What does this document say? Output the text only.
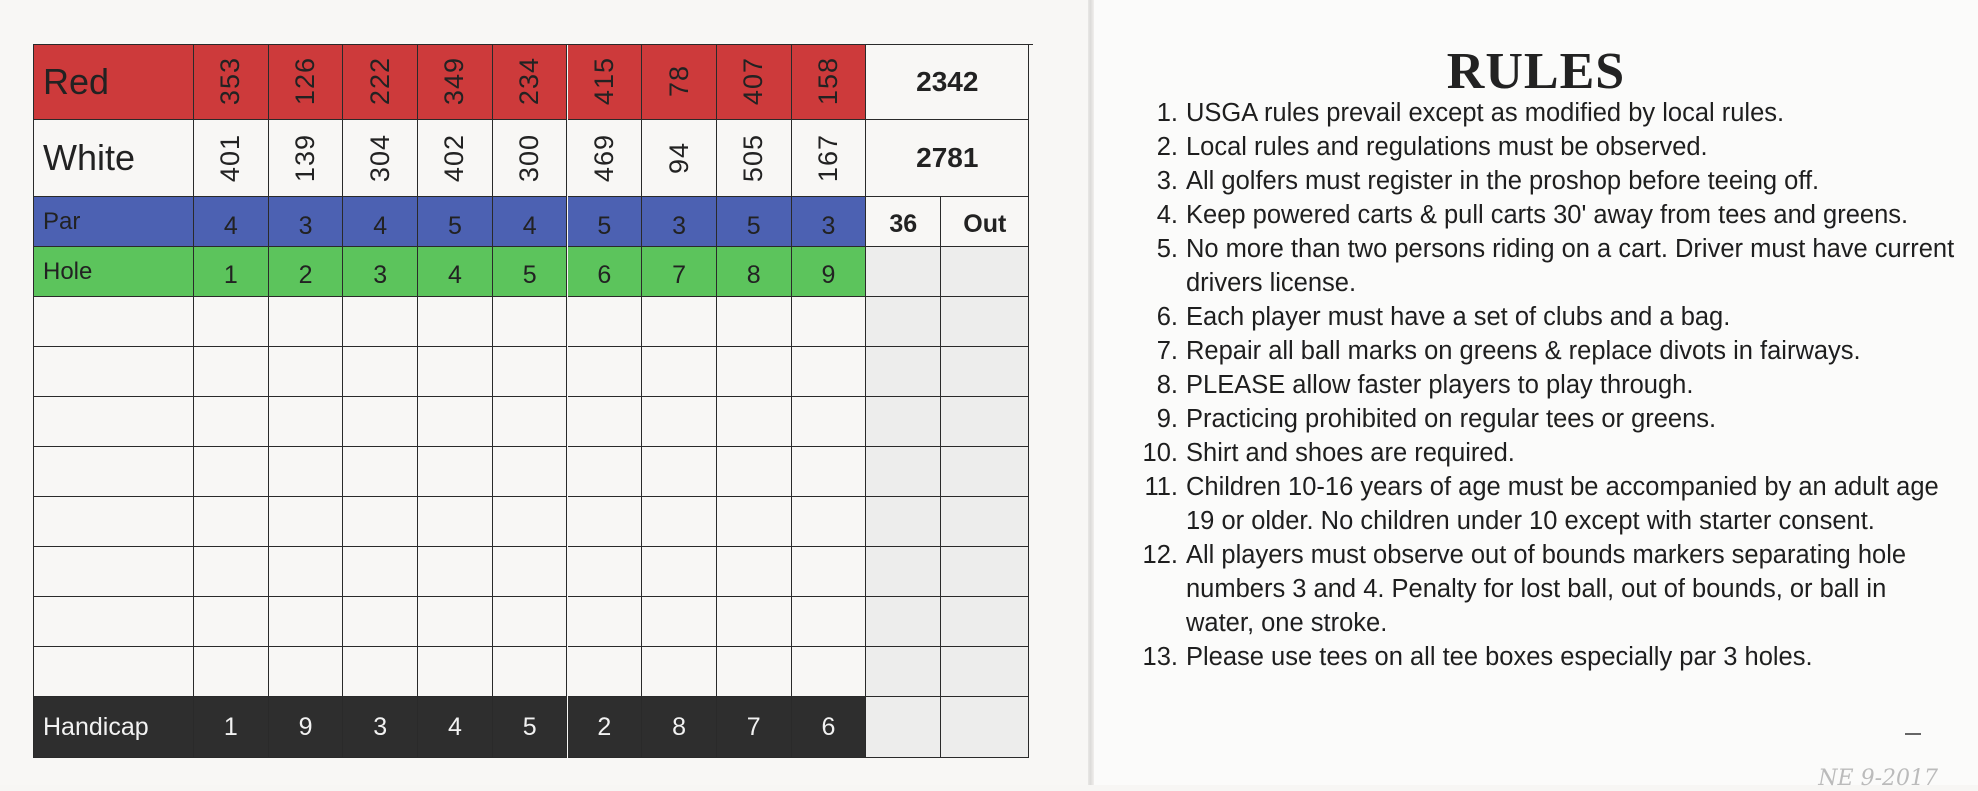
RULES
1. USGA rules prevail except as modified by local rules.
2. Local rules and regulations must be observed.
3. All golfers must register in the proshop before teeing off.
4. Keep powered carts & pull carts 30' away from tees and greens.
5. No more than two persons riding on a cart. Driver must have current drivers license.
6. Each player must have a set of clubs and a bag.
7. Repair all ball marks on greens & replace divots in fairways.
8. PLEASE allow faster players to play through.
9. Practicing prohibited on regular tees or greens.
10. Shirt and shoes are required.
11. Children 10-16 years of age must be accompanied by an adult age 19 or older. No children under 10 except with starter consent.
12. All players must observe out of bounds markers separating hole numbers 3 and 4. Penalty for lost ball, out of bounds, or ball in water, one stroke.
13. Please use tees on all tee boxes especially par 3 holes.
NE 9-2017
Red	353 126 222 349 234 415 78 407 158	2342
White	401 139 304 402 300 469 94 505 167	2781
Par	4 3 4 5 4 5 3 5 3	36	Out
Hole	1 2 3 4 5 6 7 8 9
Handicap	1 9 3 4 5 2 8 7 6
